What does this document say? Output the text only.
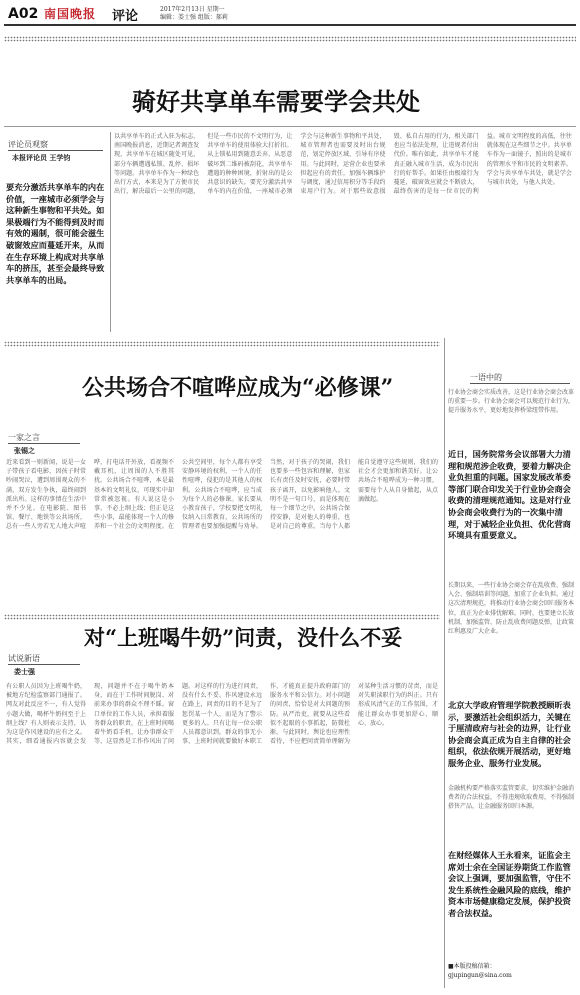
A02 南国晚报 评论	2017年2月13日 星期一
编辑：娄士强 组版：郝莉
骑好共享单车需要学会共处
评论员观察
本报评论员 王学钧
要充分激活共享单车的内在价值，一座城市必须学会与这种新生事物和平共处。如果极端行为不能得到及时而有效的遏制，很可能会滋生破窗效应而蔓延开来，从而在生存环境上构成对共享单车的挤压，甚至会最终导致共享单车的出局。
以共享单车的正式入驻为标志，南国晚报消息，近期记者调查发现，共享单车在城区随处可见，部分车辆遭遇私锁、乱停、损坏等问题。共享单车作为一种绿色出行方式，本来是为了方便市民出行，解决最后一公里的问题，但是一些市民的不文明行为，让共享单车的使用体验大打折扣。从上锁私用到随意丢弃，从恶意破坏到二维码被刮花，共享单车遭遇的种种困境，折射出的是公共意识的缺失。要充分激活共享单车的内在价值，一座城市必须学会与这种新生事物和平共处，城市管理者也需要及时出台规范，划定停放区域，引导有序使用。与此同时，运营企业也要承担起应有的责任，加强车辆维护与调度，通过信用积分等手段约束用户行为。对于那些故意损毁、私自占用的行为，相关部门也应当依法处理，让违规者付出代价。唯有如此，共享单车才能真正融入城市生活，成为市民出行的好帮手。如果任由极端行为蔓延，破窗效应就会不断放大，最终伤害的是每一位市民的利益。城市文明程度的高低，往往就体现在这些细节之中。共享单车作为一面镜子，照出的是城市的管理水平和市民的文明素养。学会与共享单车共处，就是学会与城市共处，与他人共处。
公共场合不喧哗应成为“必修课”
一家之言
张锡之
近来看到一则新闻，说是一女子带孩子看电影，因孩子时常吵闹哭泣，遭到周围观众的不满，双方发生争执，最终闹到派出所。这样的事情在生活中并不少见。在电影院、图书馆、餐厅、地铁等公共场所，总有一些人旁若无人地大声喧哗，打电话开外放，看视频不戴耳机，让周围的人不胜其扰。公共场合不喧哗，本是最基本的文明礼仪，可现实中却常常被忽视。有人说这是小事，不必上纲上线；但正是这些小事，最能体现一个人的修养和一个社会的文明程度。在公共空间里，每个人都有享受安静环境的权利，一个人的任性喧哗，侵犯的是其他人的权利。公共场合不喧哗，应当成为每个人的必修课。家长要从小教育孩子，学校要把文明礼仪纳入日常教育，公共场所的管理者也要加强提醒与劝导。当然，对于孩子的哭闹，我们也要多一些包容和理解，但家长有责任及时安抚，必要时带孩子离开，以免影响他人。文明不是一句口号，而是体现在每一个细节之中。公共场合保持安静，是对他人的尊重，也是对自己的尊重。当每个人都能自觉遵守这些规则，我们的社会才会更加和谐美好。让公共场合不喧哗成为一种习惯，需要每个人从自身做起，从点滴做起。
对“上班喝牛奶”问责，没什么不妥
试说新语
娄士强
有公职人员因为上班喝牛奶，被地方纪检监察部门通报了。网友对此反应不一，有人觉得小题大做，喝杯牛奶何至于上纲上线？有人则表示支持，认为这是作风建设的应有之义。其实，细看通报内容就会发现，问题并不在于喝牛奶本身，而在于工作时间脱岗、对前来办事的群众不理不睬。窗口单位的工作人员，承担着服务群众的职责，在上班时间喝着牛奶看手机，让办事群众干等，这显然是工作作风出了问题。对这样的行为进行问责，没有什么不妥。作风建设永远在路上，问责的目的不是为了惩罚某一个人，而是为了警示更多的人。只有让每一位公职人员都意识到，群众的事无小事，上班时间就要做好本职工作，才能真正提升政府部门的服务水平和公信力。对小问题的问责，恰恰是对大问题的预防。从严治吏，就要从这些看似不起眼的小事抓起，防微杜渐。与此同时，舆论也应理性看待，不应把问责简单理解为对某种生活习惯的苛责，而是对失职渎职行为的纠正。只有形成风清气正的工作氛围，才能让群众办事更加舒心、顺心、放心。
一语中的
行业协会商会实质改善，这是行业协会商会改革的重要一步。行业协会商会可以规范行业行为，提升服务水平，更好地发挥桥梁纽带作用。
近日，国务院常务会议部署大力清理和规范涉企收费，要着力解决企业负担重的问题。国家发展改革委等部门联合印发关于行业协会商会收费的清理规范通知。这是对行业协会商会收费行为的一次集中清理，对于减轻企业负担、优化营商环境具有重要意义。
长期以来，一些行业协会商会存在乱收费、强制入会、强制培训等问题，加重了企业负担。通过这次清理规范，将推动行业协会商会回归服务本位，真正为企业排忧解难。同时，也要建立长效机制，加强监管，防止乱收费问题反弹，让政策红利惠及广大企业。
北京大学政府管理学院教授顾昕表示，要激活社会组织活力，关键在于厘清政府与社会的边界，让行业协会商会真正成为自主自律的社会组织，依法依规开展活动，更好地服务企业、服务行业发展。
金融机构要严格落实监管要求，切实维护金融消费者的合法权益，不得违规收取费用，不得强制搭售产品，让金融服务回归本源。
在财经媒体人王永看来，证监会主席刘士余在全国证券期货工作监管会议上强调，要加强监管，守住不发生系统性金融风险的底线，维护资本市场健康稳定发展，保护投资者合法权益。
■本版投稿信箱：
gjupingun@sina.com
